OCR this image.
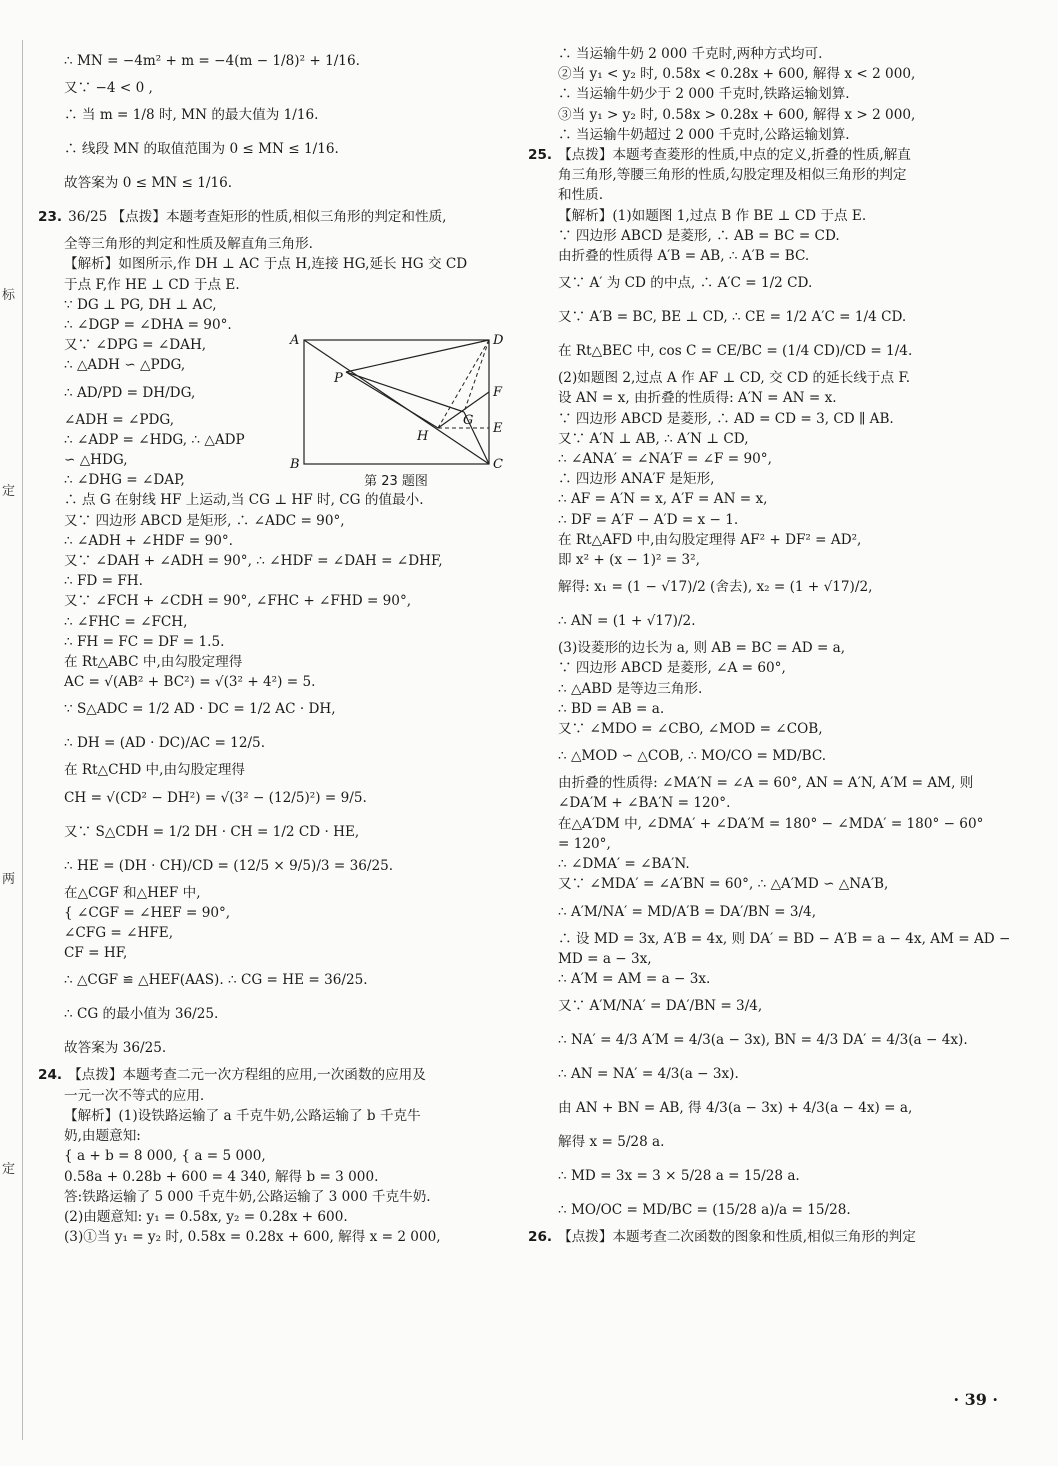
标
定
两
定
∴ MN = −4m² + m = −4(m − 1/8)² + 1/16.
又∵ −4 < 0 ,
∴ 当 m = 1/8 时, MN 的最大值为 1/16.
∴ 线段 MN 的取值范围为 0 ≤ MN ≤ 1/16.
故答案为 0 ≤ MN ≤ 1/16.
23. 36/25 【点拨】本题考查矩形的性质,相似三角形的判定和性质,
全等三角形的判定和性质及解直角三角形.
【解析】如图所示,作 DH ⊥ AC 于点 H,连接 HG,延长 HG 交 CD
于点 F,作 HE ⊥ CD 于点 E.
∵ DG ⊥ PG, DH ⊥ AC,
∴ ∠DGP = ∠DHA = 90°.
又∵ ∠DPG = ∠DAH,
∴ △ADH ∽ △PDG,
∴ AD/PD = DH/DG,
∠ADH = ∠PDG,
∴ ∠ADP = ∠HDG, ∴ △ADP
∽ △HDG,
∴ ∠DHG = ∠DAP,
∴ 点 G 在射线 HF 上运动,当 CG ⊥ HF 时, CG 的值最小.
又∵ 四边形 ABCD 是矩形, ∴ ∠ADC = 90°,
∴ ∠ADH + ∠HDF = 90°.
又∵ ∠DAH + ∠ADH = 90°, ∴ ∠HDF = ∠DAH = ∠DHF,
∴ FD = FH.
又∵ ∠FCH + ∠CDH = 90°, ∠FHC + ∠FHD = 90°,
∴ ∠FHC = ∠FCH,
∴ FH = FC = DF = 1.5.
在 Rt△ABC 中,由勾股定理得
AC = √(AB² + BC²) = √(3² + 4²) = 5.
∵ S△ADC = 1/2 AD · DC = 1/2 AC · DH,
∴ DH = (AD · DC)/AC = 12/5.
在 Rt△CHD 中,由勾股定理得
CH = √(CD² − DH²) = √(3² − (12/5)²) = 9/5.
又∵ S△CDH = 1/2 DH · CH = 1/2 CD · HE,
∴ HE = (DH · CH)/CD = (12/5 × 9/5)/3 = 36/25.
在△CGF 和△HEF 中,
{ ∠CGF = ∠HEF = 90°,
∠CFG = ∠HFE,
CF = HF,
∴ △CGF ≌ △HEF(AAS). ∴ CG = HE = 36/25.
∴ CG 的最小值为 36/25.
故答案为 36/25.
24. 【点拨】本题考查二元一次方程组的应用,一次函数的应用及
一元一次不等式的应用.
【解析】(1)设铁路运输了 a 千克牛奶,公路运输了 b 千克牛
奶,由题意知:
{ a + b = 8 000, { a = 5 000,
0.58a + 0.28b + 600 = 4 340, 解得 b = 3 000.
答:铁路运输了 5 000 千克牛奶,公路运输了 3 000 千克牛奶.
(2)由题意知: y₁ = 0.58x, y₂ = 0.28x + 600.
(3)①当 y₁ = y₂ 时, 0.58x = 0.28x + 600, 解得 x = 2 000,
∴ 当运输牛奶 2 000 千克时,两种方式均可.
②当 y₁ < y₂ 时, 0.58x < 0.28x + 600, 解得 x < 2 000,
∴ 当运输牛奶少于 2 000 千克时,铁路运输划算.
③当 y₁ > y₂ 时, 0.58x > 0.28x + 600, 解得 x > 2 000,
∴ 当运输牛奶超过 2 000 千克时,公路运输划算.
25. 【点拨】本题考查菱形的性质,中点的定义,折叠的性质,解直
角三角形,等腰三角形的性质,勾股定理及相似三角形的判定
和性质.
【解析】(1)如题图 1,过点 B 作 BE ⊥ CD 于点 E.
∵ 四边形 ABCD 是菱形, ∴ AB = BC = CD.
由折叠的性质得 A′B = AB, ∴ A′B = BC.
又∵ A′ 为 CD 的中点, ∴ A′C = 1/2 CD.
又∵ A′B = BC, BE ⊥ CD, ∴ CE = 1/2 A′C = 1/4 CD.
在 Rt△BEC 中, cos C = CE/BC = (1/4 CD)/CD = 1/4.
(2)如题图 2,过点 A 作 AF ⊥ CD, 交 CD 的延长线于点 F.
设 AN = x, 由折叠的性质得: A′N = AN = x.
∵ 四边形 ABCD 是菱形, ∴ AD = CD = 3, CD ∥ AB.
又∵ A′N ⊥ AB, ∴ A′N ⊥ CD,
∴ ∠ANA′ = ∠NA′F = ∠F = 90°,
∴ 四边形 ANA′F 是矩形,
∴ AF = A′N = x, A′F = AN = x,
∴ DF = A′F − A′D = x − 1.
在 Rt△AFD 中,由勾股定理得 AF² + DF² = AD²,
即 x² + (x − 1)² = 3²,
解得: x₁ = (1 − √17)/2 (舍去), x₂ = (1 + √17)/2,
∴ AN = (1 + √17)/2.
(3)设菱形的边长为 a, 则 AB = BC = AD = a,
∵ 四边形 ABCD 是菱形, ∠A = 60°,
∴ △ABD 是等边三角形.
∴ BD = AB = a.
又∵ ∠MDO = ∠CBO, ∠MOD = ∠COB,
∴ △MOD ∽ △COB, ∴ MO/CO = MD/BC.
由折叠的性质得: ∠MA′N = ∠A = 60°, AN = A′N, A′M = AM, 则
∠DA′M + ∠BA′N = 120°.
在△A′DM 中, ∠DMA′ + ∠DA′M = 180° − ∠MDA′ = 180° − 60°
= 120°,
∴ ∠DMA′ = ∠BA′N.
又∵ ∠MDA′ = ∠A′BN = 60°, ∴ △A′MD ∽ △NA′B,
∴ A′M/NA′ = MD/A′B = DA′/BN = 3/4,
∴ 设 MD = 3x, A′B = 4x, 则 DA′ = BD − A′B = a − 4x, AM = AD −
MD = a − 3x,
∴ A′M = AM = a − 3x.
又∵ A′M/NA′ = DA′/BN = 3/4,
∴ NA′ = 4/3 A′M = 4/3(a − 3x), BN = 4/3 DA′ = 4/3(a − 4x).
∴ AN = NA′ = 4/3(a − 3x).
由 AN + BN = AB, 得 4/3(a − 3x) + 4/3(a − 4x) = a,
解得 x = 5/28 a.
∴ MD = 3x = 3 × 5/28 a = 15/28 a.
∴ MO/OC = MD/BC = (15/28 a)/a = 15/28.
26. 【点拨】本题考查二次函数的图象和性质,相似三角形的判定
A	D
P
F
G
E
H
B	C
第 23 题图
· 39 ·
